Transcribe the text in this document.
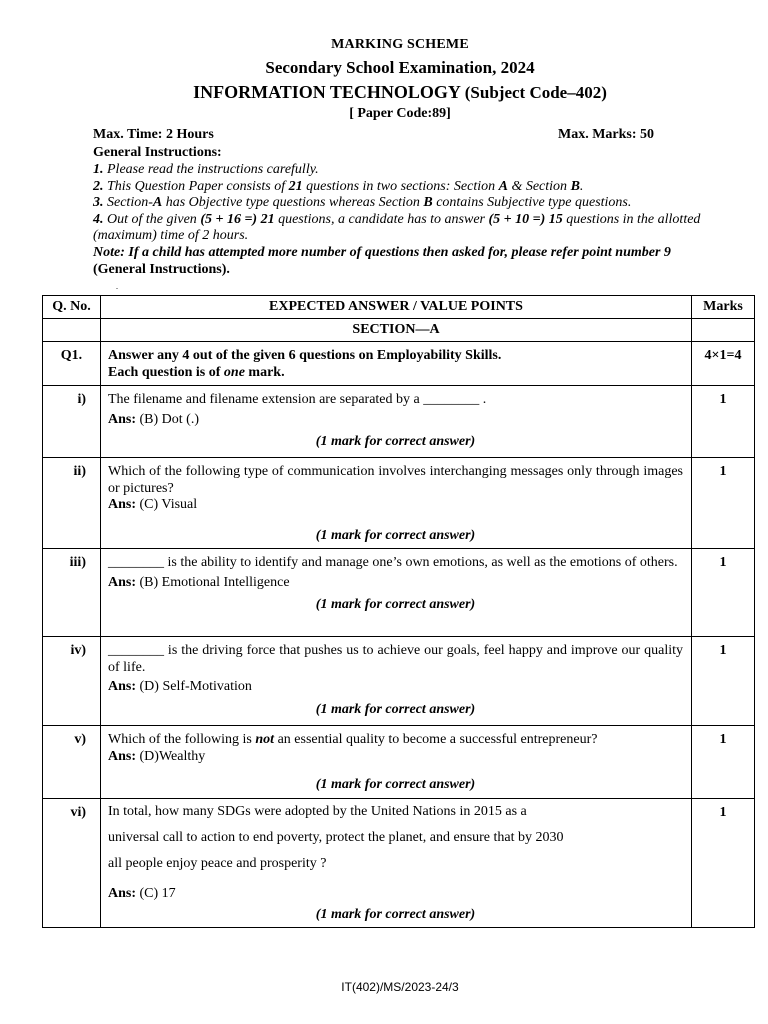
MARKING SCHEME
Secondary School Examination, 2024
INFORMATION TECHNOLOGY (Subject Code–402)
[ Paper Code:89]
Max. Time: 2 Hours	Max. Marks: 50
General Instructions:

1. Please read the instructions carefully.

2. This Question Paper consists of 21 questions in two sections: Section A & Section B.

3. Section-A has Objective type questions whereas Section B contains Subjective type questions.

4. Out of the given (5 + 16 =) 21 questions, a candidate has to answer (5 + 10 =) 15 questions in the allotted (maximum) time of 2 hours.

Note: If a child has attempted more number of questions then asked for, please refer point number 9 (General Instructions).
.
Q. No.	EXPECTED ANSWER / VALUE POINTS	Marks
	SECTION—A	
Q1.	Answer any 4 out of the given 6 questions on Employability Skills.
Each question is of one mark.	4×1=4
i)	The filename and filename extension are separated by a ________ .
Ans: (B) Dot (.)
(1 mark for correct answer)	1
ii)	Which of the following type of communication involves interchanging messages only through images or pictures?
Ans: (C) Visual
(1 mark for correct answer)	1
iii)	________ is the ability to identify and manage one’s own emotions, as well as the emotions of others.
Ans: (B) Emotional Intelligence
(1 mark for correct answer)	1
iv)	________ is the driving force that pushes us to achieve our goals, feel happy and improve our quality of life.
Ans: (D) Self-Motivation
(1 mark for correct answer)	1
v)	Which of the following is not an essential quality to become a successful entrepreneur?
Ans: (D)Wealthy
(1 mark for correct answer)	1
vi)	In total, how many SDGs were adopted by the United Nations in 2015 as a
universal call to action to end poverty, protect the planet, and ensure that by 2030
all people enjoy peace and prosperity ?
Ans: (C) 17
(1 mark for correct answer)	1
IT(402)/MS/2023-24/3
